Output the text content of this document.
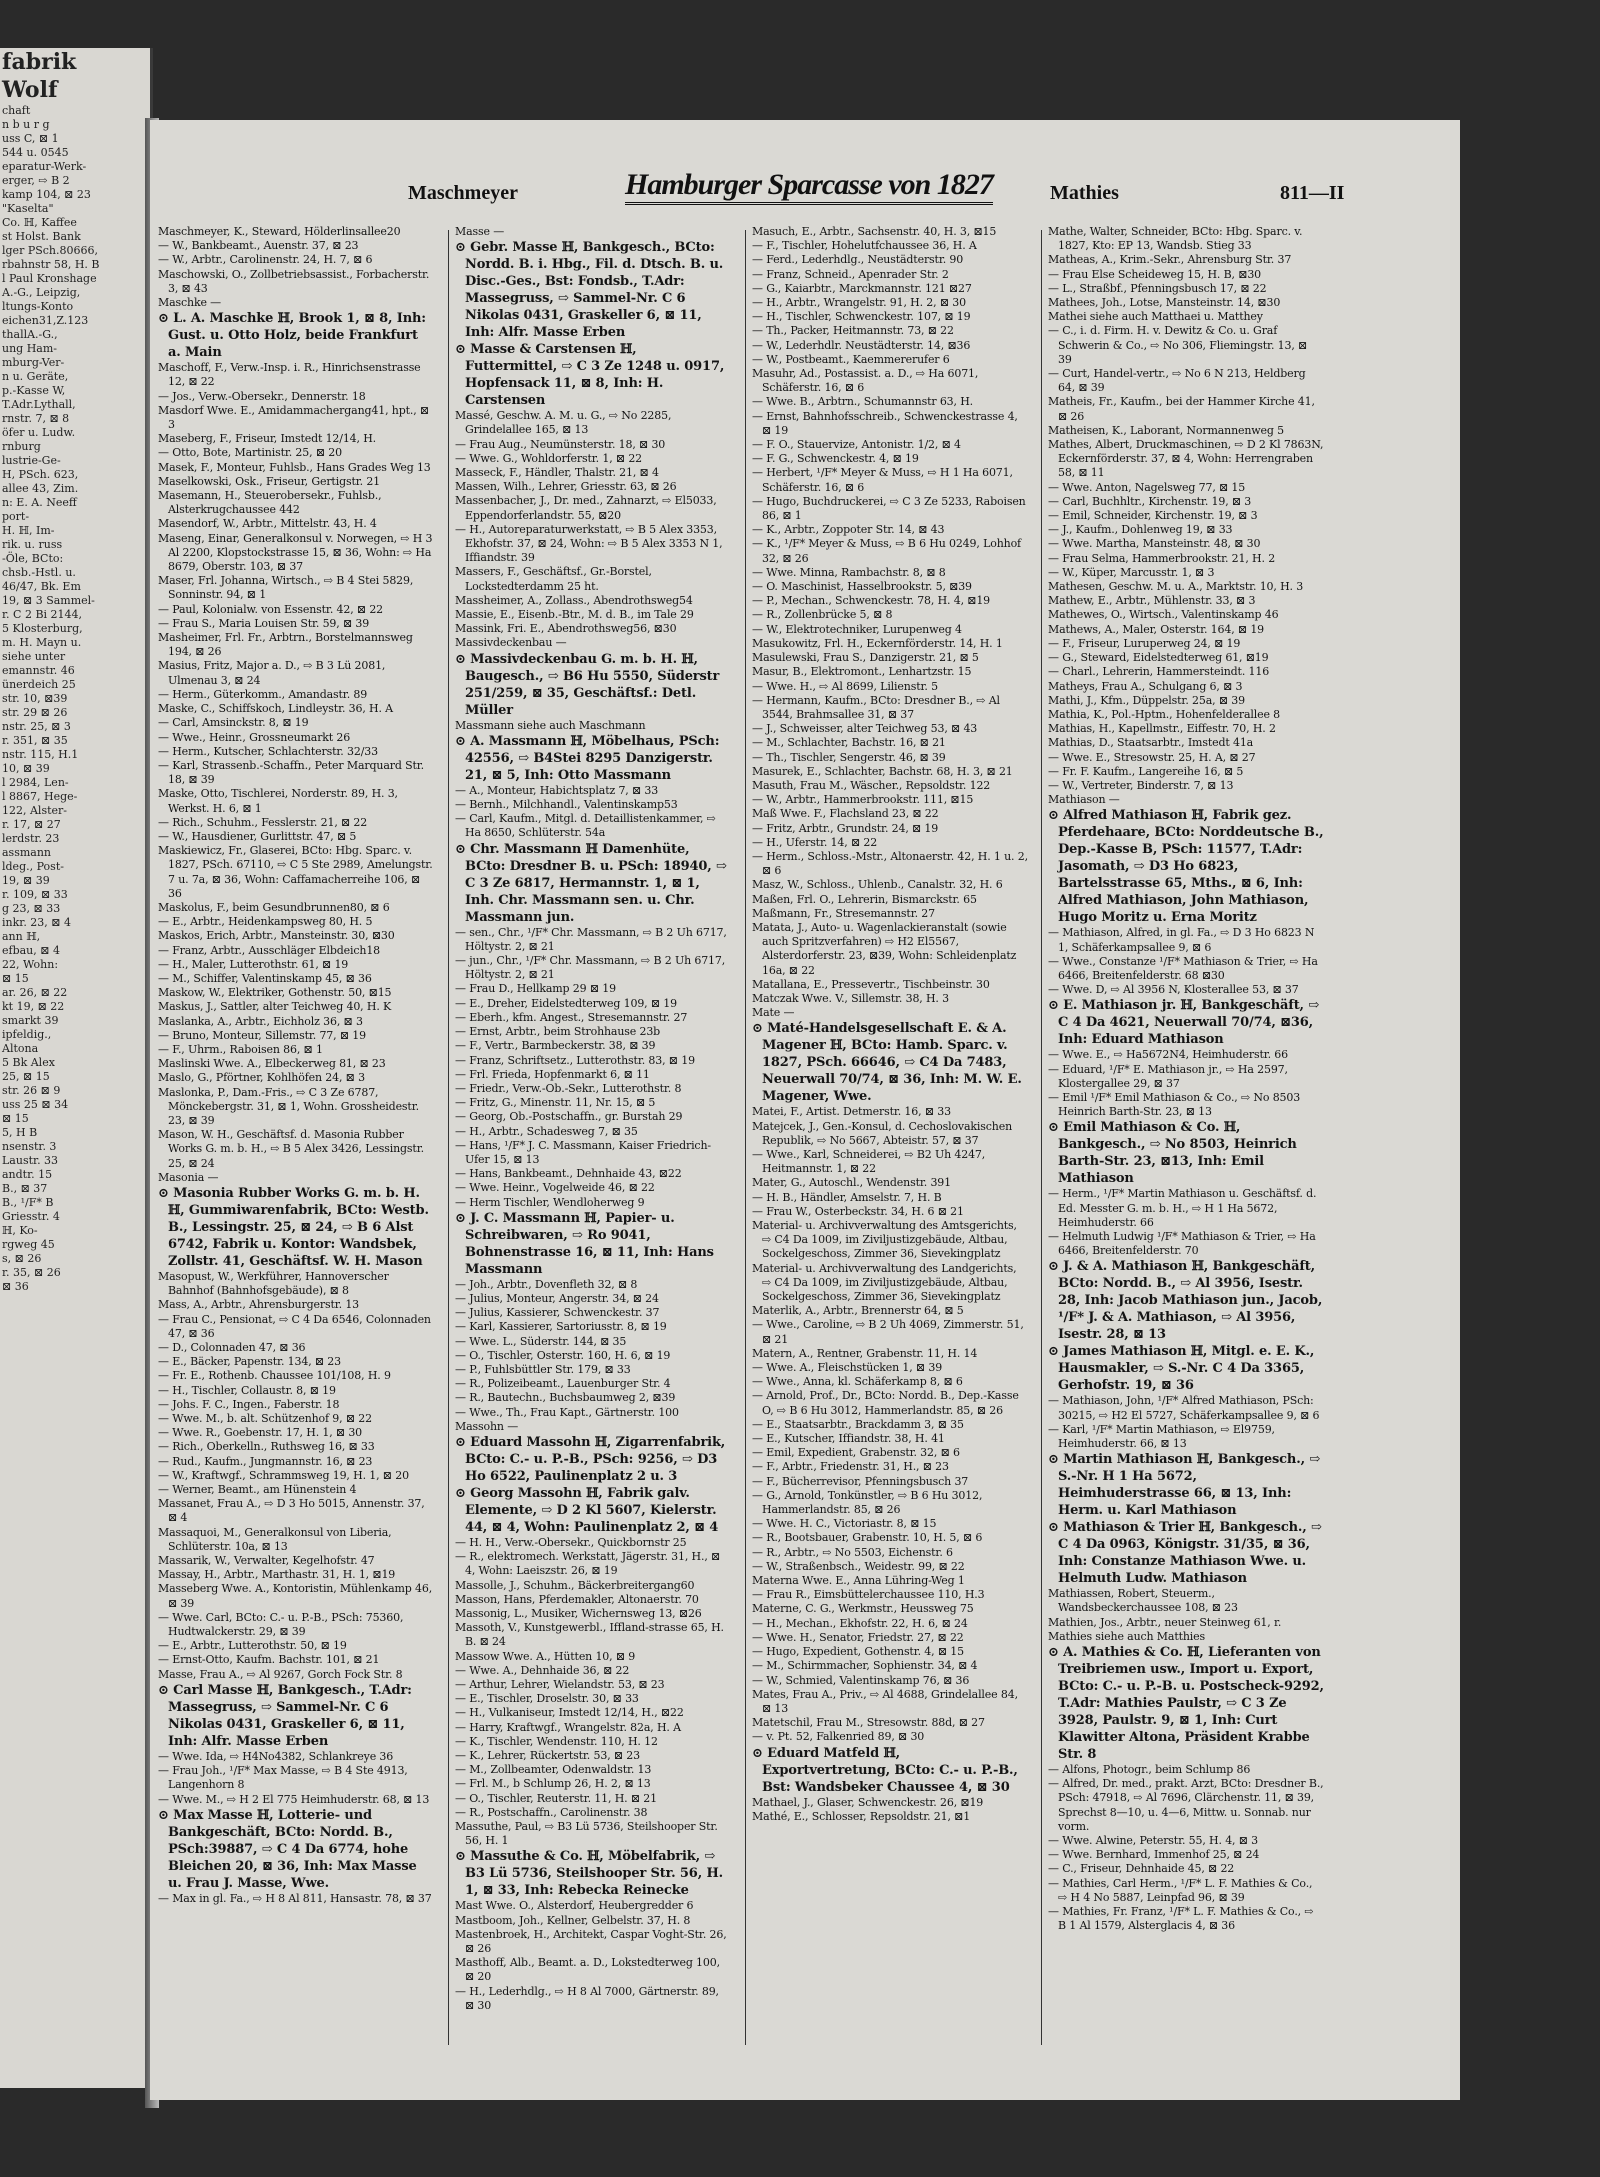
fabrik
Wolf
chaft
n b u r g
uss C, ⊠ 1
544 u. 0545
eparatur-Werk-
erger, ⇨ B 2
kamp 104, ⊠ 23
"Kaselta"
Co. ℍ, Kaffee
st Holst. Bank
lger PSch.80666,
rbahnstr 58, H. B
l Paul Kronshage
A.-G., Leipzig,
ltungs-Konto
eichen31,Z.123
thallA.-G.,
ung Ham-
mburg-Ver-
n u. Geräte,
p.-Kasse W,
T.Adr.Lythall,
rnstr. 7, ⊠ 8
öfer u. Ludw.
rnburg
lustrie-Ge-
H, PSch. 623,
allee 43, Zim.
n: E. A. Neeff
port-
H. ℍ, Im-
rik. u. russ
-Öle, BCto:
chsb.-Hstl. u.
46/47, Bk. Em
19, ⊠ 3 Sammel-
r. C 2 Bi 2144,
5 Klosterburg,
m. H. Mayn u.
siehe unter
emannstr. 46
ünerdeich 25
str. 10, ⊠39
str. 29 ⊠ 26
nstr. 25, ⊠ 3
r. 351, ⊠ 35
nstr. 115, H.1
10, ⊠ 39
l 2984, Len-
l 8867, Hege-
122, Alster-
r. 17, ⊠ 27
lerdstr. 23
assmann
ldeg., Post-
19, ⊠ 39
r. 109, ⊠ 33
g 23, ⊠ 33
inkr. 23, ⊠ 4
ann ℍ,
efbau, ⊠ 4
22, Wohn:
⊠ 15
ar. 26, ⊠ 22
kt 19, ⊠ 22
smarkt 39
ipfeldig.,
Altona
5 Bk Alex
25, ⊠ 15
str. 26 ⊠ 9
uss 25 ⊠ 34
⊠ 15
5, H B
nsenstr. 3
Laustr. 33
andtr. 15
B., ⊠ 37
B., ¹/F* B
Griesstr. 4
ℍ, Ko-
rgweg 45
s, ⊠ 26
r. 35, ⊠ 26
⊠ 36
Maschmeyer	Hamburger Sparcasse von 1827	Mathies	811—II

Maschmeyer, K., Steward, Hölderlinsallee20

— W., Bankbeamt., Auenstr. 37, ⊠ 23

— W., Arbtr., Carolinenstr. 24, H. 7, ⊠ 6

Maschowski, O., Zollbetriebsassist., Forbacherstr. 3, ⊠ 43

Maschke —

⊙ L. A. Maschke ℍ, Brook 1, ⊠ 8, Inh: Gust. u. Otto Holz, beide Frankfurt a. Main

Maschoff, F., Verw.-Insp. i. R., Hinrichsenstrasse 12, ⊠ 22

— Jos., Verw.-Obersekr., Dennerstr. 18

Masdorf Wwe. E., Amidammachergang41, hpt., ⊠ 3

Maseberg, F., Friseur, Imstedt 12/14, H.

— Otto, Bote, Martinistr. 25, ⊠ 20

Masek, F., Monteur, Fuhlsb., Hans Grades Weg 13

Maselkowski, Osk., Friseur, Gertigstr. 21

Masemann, H., Steuerobersekr., Fuhlsb., Alsterkrugchaussee 442

Masendorf, W., Arbtr., Mittelstr. 43, H. 4

Maseng, Einar, Generalkonsul v. Norwegen, ⇨ H 3 Al 2200, Klopstockstrasse 15, ⊠ 36, Wohn: ⇨ Ha 8679, Oberstr. 103, ⊠ 37

Maser, Frl. Johanna, Wirtsch., ⇨ B 4 Stei 5829, Sonninstr. 94, ⊠ 1

— Paul, Kolonialw. von Essenstr. 42, ⊠ 22

— Frau S., Maria Louisen Str. 59, ⊠ 39

Masheimer, Frl. Fr., Arbtrn., Borstelmannsweg 194, ⊠ 26

Masius, Fritz, Major a. D., ⇨ B 3 Lü 2081, Ulmenau 3, ⊠ 24

— Herm., Güterkomm., Amandastr. 89

Maske, C., Schiffskoch, Lindleystr. 36, H. A

— Carl, Amsinckstr. 8, ⊠ 19

— Wwe., Heinr., Grossneumarkt 26

— Herm., Kutscher, Schlachterstr. 32/33

— Karl, Strassenb.-Schaffn., Peter Marquard Str. 18, ⊠ 39

Maske, Otto, Tischlerei, Norderstr. 89, H. 3, Werkst. H. 6, ⊠ 1

— Rich., Schuhm., Fesslerstr. 21, ⊠ 22

— W., Hausdiener, Gurlittstr. 47, ⊠ 5

Maskiewicz, Fr., Glaserei, BCto: Hbg. Sparc. v. 1827, PSch. 67110, ⇨ C 5 Ste 2989, Amelungstr. 7 u. 7a, ⊠ 36, Wohn: Caffamacherreihe 106, ⊠ 36

Maskolus, F., beim Gesundbrunnen80, ⊠ 6

— E., Arbtr., Heidenkampsweg 80, H. 5

Maskos, Erich, Arbtr., Mansteinstr. 30, ⊠30

— Franz, Arbtr., Ausschläger Elbdeich18

— H., Maler, Lutterothstr. 61, ⊠ 19

— M., Schiffer, Valentinskamp 45, ⊠ 36

Maskow, W., Elektriker, Gothenstr. 50, ⊠15

Maskus, J., Sattler, alter Teichweg 40, H. K

Maslanka, A., Arbtr., Eichholz 36, ⊠ 3

— Bruno, Monteur, Sillemstr. 77, ⊠ 19

— F., Uhrm., Raboisen 86, ⊠ 1

Maslinski Wwe. A., Elbeckerweg 81, ⊠ 23

Maslo, G., Pförtner, Kohlhöfen 24, ⊠ 3

Maslonka, P., Dam.-Fris., ⇨ C 3 Ze 6787, Mönckebergstr. 31, ⊠ 1, Wohn. Grossheidestr. 23, ⊠ 39

Mason, W. H., Geschäftsf. d. Masonia Rubber Works G. m. b. H., ⇨ B 5 Alex 3426, Lessingstr. 25, ⊠ 24

Masonia —

⊙ Masonia Rubber Works G. m. b. H. ℍ, Gummiwarenfabrik, BCto: Westb. B., Lessingstr. 25, ⊠ 24, ⇨ B 6 Alst 6742, Fabrik u. Kontor: Wandsbek, Zollstr. 41, Geschäftsf. W. H. Mason

Masopust, W., Werkführer, Hannoverscher Bahnhof (Bahnhofsgebäude), ⊠ 8

Mass, A., Arbtr., Ahrensburgerstr. 13

— Frau C., Pensionat, ⇨ C 4 Da 6546, Colonnaden 47, ⊠ 36

— D., Colonnaden 47, ⊠ 36

— E., Bäcker, Papenstr. 134, ⊠ 23

— Fr. E., Rothenb. Chaussee 101/108, H. 9

— H., Tischler, Collaustr. 8, ⊠ 19

— Johs. F. C., Ingen., Faberstr. 18

— Wwe. M., b. alt. Schützenhof 9, ⊠ 22

— Wwe. R., Goebenstr. 17, H. 1, ⊠ 30

— Rich., Oberkelln., Ruthsweg 16, ⊠ 33

— Rud., Kaufm., Jungmannstr. 16, ⊠ 23

— W., Kraftwgf., Schrammsweg 19, H. 1, ⊠ 20

— Werner, Beamt., am Hünenstein 4

Massanet, Frau A., ⇨ D 3 Ho 5015, Annenstr. 37, ⊠ 4

Massaquoi, M., Generalkonsul von Liberia, Schlüterstr. 10a, ⊠ 13

Massarik, W., Verwalter, Kegelhofstr. 47

Massay, H., Arbtr., Marthastr. 31, H. 1, ⊠19

Masseberg Wwe. A., Kontoristin, Mühlenkamp 46, ⊠ 39

— Wwe. Carl, BCto: C.- u. P.-B., PSch: 75360, Hudtwalckerstr. 29, ⊠ 39

— E., Arbtr., Lutterothstr. 50, ⊠ 19

— Ernst-Otto, Kaufm. Bachstr. 101, ⊠ 21

Masse, Frau A., ⇨ Al 9267, Gorch Fock Str. 8

⊙ Carl Masse ℍ, Bankgesch., T.Adr: Massegruss, ⇨ Sammel-Nr. C 6 Nikolas 0431, Graskeller 6, ⊠ 11, Inh: Alfr. Masse Erben

— Wwe. Ida, ⇨ H4No4382, Schlankreye 36

— Frau Joh., ¹/F* Max Masse, ⇨ B 4 Ste 4913, Langenhorn 8

— Wwe. M., ⇨ H 2 El 775 Heimhuderstr. 68, ⊠ 13

⊙ Max Masse ℍ, Lotterie- und Bankgeschäft, BCto: Nordd. B., PSch:39887, ⇨ C 4 Da 6774, hohe Bleichen 20, ⊠ 36, Inh: Max Masse u. Frau J. Masse, Wwe.

— Max in gl. Fa., ⇨ H 8 Al 811, Hansastr. 78, ⊠ 37

Masse —

⊙ Gebr. Masse ℍ, Bankgesch., BCto: Nordd. B. i. Hbg., Fil. d. Dtsch. B. u. Disc.-Ges., Bst: Fondsb., T.Adr: Massegruss, ⇨ Sammel-Nr. C 6 Nikolas 0431, Graskeller 6, ⊠ 11, Inh: Alfr. Masse Erben

⊙ Masse & Carstensen ℍ, Futtermittel, ⇨ C 3 Ze 1248 u. 0917, Hopfensack 11, ⊠ 8, Inh: H. Carstensen

Massé, Geschw. A. M. u. G., ⇨ No 2285, Grindelallee 165, ⊠ 13

— Frau Aug., Neumünsterstr. 18, ⊠ 30

— Wwe. G., Wohldorferstr. 1, ⊠ 22

Masseck, F., Händler, Thalstr. 21, ⊠ 4

Massen, Wilh., Lehrer, Griesstr. 63, ⊠ 26

Massenbacher, J., Dr. med., Zahnarzt, ⇨ El5033, Eppendorferlandstr. 55, ⊠20

— H., Autoreparaturwerkstatt, ⇨ B 5 Alex 3353, Ekhofstr. 37, ⊠ 24, Wohn: ⇨ B 5 Alex 3353 N 1, Iffiandstr. 39

Massers, F., Geschäftsf., Gr.-Borstel, Lockstedterdamm 25 ht.

Massheimer, A., Zollass., Abendrothsweg54

Massie, E., Eisenb.-Btr., M. d. B., im Tale 29

Massink, Fri. E., Abendrothsweg56, ⊠30

Massivdeckenbau —

⊙ Massivdeckenbau G. m. b. H. ℍ, Baugesch., ⇨ B6 Hu 5550, Süderstr 251/259, ⊠ 35, Geschäftsf.: Detl. Müller

Massmann siehe auch Maschmann

⊙ A. Massmann ℍ, Möbelhaus, PSch: 42556, ⇨ B4Stei 8295 Danzigerstr. 21, ⊠ 5, Inh: Otto Massmann

— A., Monteur, Habichtsplatz 7, ⊠ 33

— Bernh., Milchhandl., Valentinskamp53

— Carl, Kaufm., Mitgl. d. Detaillistenkammer, ⇨ Ha 8650, Schlüterstr. 54a

⊙ Chr. Massmann ℍ Damenhüte, BCto: Dresdner B. u. PSch: 18940, ⇨ C 3 Ze 6817, Hermannstr. 1, ⊠ 1, Inh. Chr. Massmann sen. u. Chr. Massmann jun.

— sen., Chr., ¹/F* Chr. Massmann, ⇨ B 2 Uh 6717, Höltystr. 2, ⊠ 21

— jun., Chr., ¹/F* Chr. Massmann, ⇨ B 2 Uh 6717, Höltystr. 2, ⊠ 21

— Frau D., Hellkamp 29 ⊠ 19

— E., Dreher, Eidelstedterweg 109, ⊠ 19

— Eberh., kfm. Angest., Stresemannstr. 27

— Ernst, Arbtr., beim Strohhause 23b

— F., Vertr., Barmbeckerstr. 38, ⊠ 39

— Franz, Schriftsetz., Lutterothstr. 83, ⊠ 19

— Frl. Frieda, Hopfenmarkt 6, ⊠ 11

— Friedr., Verw.-Ob.-Sekr., Lutterothstr. 8

— Fritz, G., Minenstr. 11, Nr. 15, ⊠ 5

— Georg, Ob.-Postschaffn., gr. Burstah 29

— H., Arbtr., Schadesweg 7, ⊠ 35

— Hans, ¹/F* J. C. Massmann, Kaiser Friedrich-Ufer 15, ⊠ 13

— Hans, Bankbeamt., Dehnhaide 43, ⊠22

— Wwe. Heinr., Vogelweide 46, ⊠ 22

— Herm Tischler, Wendloherweg 9

⊙ J. C. Massmann ℍ, Papier- u. Schreibwaren, ⇨ Ro 9041, Bohnenstrasse 16, ⊠ 11, Inh: Hans Massmann

— Joh., Arbtr., Dovenfleth 32, ⊠ 8

— Julius, Monteur, Angerstr. 34, ⊠ 24

— Julius, Kassierer, Schwenckestr. 37

— Karl, Kassierer, Sartoriusstr. 8, ⊠ 19

— Wwe. L., Süderstr. 144, ⊠ 35

— O., Tischler, Osterstr. 160, H. 6, ⊠ 19

— P., Fuhlsbüttler Str. 179, ⊠ 33

— R., Polizeibeamt., Lauenburger Str. 4

— R., Bautechn., Buchsbaumweg 2, ⊠39

— Wwe., Th., Frau Kapt., Gärtnerstr. 100

Massohn —

⊙ Eduard Massohn ℍ, Zigarrenfabrik, BCto: C.- u. P.-B., PSch: 9256, ⇨ D3 Ho 6522, Paulinenplatz 2 u. 3

⊙ Georg Massohn ℍ, Fabrik galv. Elemente, ⇨ D 2 Kl 5607, Kielerstr. 44, ⊠ 4, Wohn: Paulinenplatz 2, ⊠ 4

— H. H., Verw.-Obersekr., Quickbornstr 25

— R., elektromech. Werkstatt, Jägerstr. 31, H., ⊠ 4, Wohn: Laeiszstr. 26, ⊠ 19

Massolle, J., Schuhm., Bäckerbreitergang60

Masson, Hans, Pferdemakler, Altonaerstr. 70

Massonig, L., Musiker, Wichernsweg 13, ⊠26

Massoth, V., Kunstgewerbl., Iffland-strasse 65, H. B. ⊠ 24

Massow Wwe. A., Hütten 10, ⊠ 9

— Wwe. A., Dehnhaide 36, ⊠ 22

— Arthur, Lehrer, Wielandstr. 53, ⊠ 23

— E., Tischler, Droselstr. 30, ⊠ 33

— H., Vulkaniseur, Imstedt 12/14, H., ⊠22

— Harry, Kraftwgf., Wrangelstr. 82a, H. A

— K., Tischler, Wendenstr. 110, H. 12

— K., Lehrer, Rückertstr. 53, ⊠ 23

— M., Zollbeamter, Odenwaldstr. 13

— Frl. M., b Schlump 26, H. 2, ⊠ 13

— O., Tischler, Reuterstr. 11, H. ⊠ 21

— R., Postschaffn., Carolinenstr. 38

Massuthe, Paul, ⇨ B3 Lü 5736, Steilshooper Str. 56, H. 1

⊙ Massuthe & Co. ℍ, Möbelfabrik, ⇨ B3 Lü 5736, Steilshooper Str. 56, H. 1, ⊠ 33, Inh: Rebecka Reinecke

Mast Wwe. O., Alsterdorf, Heubergredder 6

Mastboom, Joh., Kellner, Gelbelstr. 37, H. 8

Mastenbroek, H., Architekt, Caspar Voght-Str. 26, ⊠ 26

Masthoff, Alb., Beamt. a. D., Lokstedterweg 100, ⊠ 20

— H., Lederhdlg., ⇨ H 8 Al 7000, Gärtnerstr. 89, ⊠ 30

Masuch, E., Arbtr., Sachsenstr. 40, H. 3, ⊠15

— F., Tischler, Hohelutfchaussee 36, H. A

— Ferd., Lederhdlg., Neustädterstr. 90

— Franz, Schneid., Apenrader Str. 2

— G., Kaiarbtr., Marckmannstr. 121 ⊠27

— H., Arbtr., Wrangelstr. 91, H. 2, ⊠ 30

— H., Tischler, Schwenckestr. 107, ⊠ 19

— Th., Packer, Heitmannstr. 73, ⊠ 22

— W., Lederhdlr. Neustädterstr. 14, ⊠36

— W., Postbeamt., Kaemmererufer 6

Masuhr, Ad., Postassist. a. D., ⇨ Ha 6071, Schäferstr. 16, ⊠ 6

— Wwe. B., Arbtrn., Schumannstr 63, H.

— Ernst, Bahnhofsschreib., Schwenckestrasse 4, ⊠ 19

— F. O., Stauervize, Antonistr. 1/2, ⊠ 4

— F. G., Schwenckestr. 4, ⊠ 19

— Herbert, ¹/F* Meyer & Muss, ⇨ H 1 Ha 6071, Schäferstr. 16, ⊠ 6

— Hugo, Buchdruckerei, ⇨ C 3 Ze 5233, Raboisen 86, ⊠ 1

— K., Arbtr., Zoppoter Str. 14, ⊠ 43

— K., ¹/F* Meyer & Muss, ⇨ B 6 Hu 0249, Lohhof 32, ⊠ 26

— Wwe. Minna, Rambachstr. 8, ⊠ 8

— O. Maschinist, Hasselbrookstr. 5, ⊠39

— P., Mechan., Schwenckestr. 78, H. 4, ⊠19

— R., Zollenbrücke 5, ⊠ 8

— W., Elektrotechniker, Lurupenweg 4

Masukowitz, Frl. H., Eckernförderstr. 14, H. 1

Masulewski, Frau S., Danzigerstr. 21, ⊠ 5

Masur, B., Elektromont., Lenhartzstr. 15

— Wwe. H., ⇨ Al 8699, Lilienstr. 5

— Hermann, Kaufm., BCto: Dresdner B., ⇨ Al 3544, Brahmsallee 31, ⊠ 37

— J., Schweisser, alter Teichweg 53, ⊠ 43

— M., Schlachter, Bachstr. 16, ⊠ 21

— Th., Tischler, Sengerstr. 46, ⊠ 39

Masurek, E., Schlachter, Bachstr. 68, H. 3, ⊠ 21

Masuth, Frau M., Wäscher., Repsoldstr. 122

— W., Arbtr., Hammerbrookstr. 111, ⊠15

Maß Wwe. F., Flachsland 23, ⊠ 22

— Fritz, Arbtr., Grundstr. 24, ⊠ 19

— H., Uferstr. 14, ⊠ 22

— Herm., Schloss.-Mstr., Altonaerstr. 42, H. 1 u. 2, ⊠ 6

Masz, W., Schloss., Uhlenb., Canalstr. 32, H. 6

Maßen, Frl. O., Lehrerin, Bismarckstr. 65

Maßmann, Fr., Stresemannstr. 27

Matata, J., Auto- u. Wagenlackieranstalt (sowie auch Spritzverfahren) ⇨ H2 El5567, Alsterdorferstr. 23, ⊠39, Wohn: Schleidenplatz 16a, ⊠ 22

Matallana, E., Pressevertr., Tischbeinstr. 30

Matczak Wwe. V., Sillemstr. 38, H. 3

Mate —

⊙ Maté-Handelsgesellschaft E. & A. Magener ℍ, BCto: Hamb. Sparc. v. 1827, PSch. 66646, ⇨ C4 Da 7483, Neuerwall 70/74, ⊠ 36, Inh: M. W. E. Magener, Wwe.

Matei, F., Artist. Detmerstr. 16, ⊠ 33

Matejcek, J., Gen.-Konsul, d. Cechoslovakischen Republik, ⇨ No 5667, Abteistr. 57, ⊠ 37

— Wwe., Karl, Schneiderei, ⇨ B2 Uh 4247, Heitmannstr. 1, ⊠ 22

Mater, G., Autoschl., Wendenstr. 391

— H. B., Händler, Amselstr. 7, H. B

— Frau W., Osterbeckstr. 34, H. 6 ⊠ 21

Material- u. Archivverwaltung des Amtsgerichts, ⇨ C4 Da 1009, im Ziviljustizgebäude, Altbau, Sockelgeschoss, Zimmer 36, Sievekingplatz

Material- u. Archivverwaltung des Landgerichts, ⇨ C4 Da 1009, im Ziviljustizgebäude, Altbau, Sockelgeschoss, Zimmer 36, Sievekingplatz

Materlik, A., Arbtr., Brennerstr 64, ⊠ 5

— Wwe., Caroline, ⇨ B 2 Uh 4069, Zimmerstr. 51, ⊠ 21

Matern, A., Rentner, Grabenstr. 11, H. 14

— Wwe. A., Fleischstücken 1, ⊠ 39

— Wwe., Anna, kl. Schäferkamp 8, ⊠ 6

— Arnold, Prof., Dr., BCto: Nordd. B., Dep.-Kasse O, ⇨ B 6 Hu 3012, Hammerlandstr. 85, ⊠ 26

— E., Staatsarbtr., Brackdamm 3, ⊠ 35

— E., Kutscher, Iffiandstr. 38, H. 41

— Emil, Expedient, Grabenstr. 32, ⊠ 6

— F., Arbtr., Friedenstr. 31, H., ⊠ 23

— F., Bücherrevisor, Pfenningsbusch 37

— G., Arnold, Tonkünstler, ⇨ B 6 Hu 3012, Hammerlandstr. 85, ⊠ 26

— Wwe. H. C., Victoriastr. 8, ⊠ 15

— R., Bootsbauer, Grabenstr. 10, H. 5, ⊠ 6

— R., Arbtr., ⇨ No 5503, Eichenstr. 6

— W., Straßenbsch., Weidestr. 99, ⊠ 22

Materna Wwe. E., Anna Lühring-Weg 1

— Frau R., Eimsbüttelerchaussee 110, H.3

Materne, C. G., Werkmstr., Heussweg 75

— H., Mechan., Ekhofstr. 22, H. 6, ⊠ 24

— Wwe. H., Senator, Friedstr. 27, ⊠ 22

— Hugo, Expedient, Gothenstr. 4, ⊠ 15

— M., Schirmmacher, Sophienstr. 34, ⊠ 4

— W., Schmied, Valentinskamp 76, ⊠ 36

Mates, Frau A., Priv., ⇨ Al 4688, Grindelallee 84, ⊠ 13

Matetschil, Frau M., Stresowstr. 88d, ⊠ 27

— v. Pt. 52, Falkenried 89, ⊠ 30

⊙ Eduard Matfeld ℍ, Exportvertretung, BCto: C.- u. P.-B., Bst: Wandsbeker Chaussee 4, ⊠ 30

Mathael, J., Glaser, Schwenckestr. 26, ⊠19

Mathé, E., Schlosser, Repsoldstr. 21, ⊠1

Mathe, Walter, Schneider, BCto: Hbg. Sparc. v. 1827, Kto: EP 13, Wandsb. Stieg 33

Matheas, A., Krim.-Sekr., Ahrensburg Str. 37

— Frau Else Scheideweg 15, H. B, ⊠30

— L., Straßbf., Pfenningsbusch 17, ⊠ 22

Mathees, Joh., Lotse, Mansteinstr. 14, ⊠30

Mathei siehe auch Matthaei u. Matthey

— C., i. d. Firm. H. v. Dewitz & Co. u. Graf Schwerin & Co., ⇨ No 306, Fliemingstr. 13, ⊠ 39

— Curt, Handel-vertr., ⇨ No 6 N 213, Heldberg 64, ⊠ 39

Matheis, Fr., Kaufm., bei der Hammer Kirche 41, ⊠ 26

Matheisen, K., Laborant, Normannenweg 5

Mathes, Albert, Druckmaschinen, ⇨ D 2 Kl 7863N, Eckernförderstr. 37, ⊠ 4, Wohn: Herrengraben 58, ⊠ 11

— Wwe. Anton, Nagelsweg 77, ⊠ 15

— Carl, Buchhltr., Kirchenstr. 19, ⊠ 3

— Emil, Schneider, Kirchenstr. 19, ⊠ 3

— J., Kaufm., Dohlenweg 19, ⊠ 33

— Wwe. Martha, Mansteinstr. 48, ⊠ 30

— Frau Selma, Hammerbrookstr. 21, H. 2

— W., Küper, Marcusstr. 1, ⊠ 3

Mathesen, Geschw. M. u. A., Marktstr. 10, H. 3

Mathew, E., Arbtr., Mühlenstr. 33, ⊠ 3

Mathewes, O., Wirtsch., Valentinskamp 46

Mathews, A., Maler, Osterstr. 164, ⊠ 19

— F., Friseur, Luruperweg 24, ⊠ 19

— G., Steward, Eidelstedterweg 61, ⊠19

— Charl., Lehrerin, Hammersteindt. 116

Matheys, Frau A., Schulgang 6, ⊠ 3

Mathi, J., Kfm., Düppelstr. 25a, ⊠ 39

Mathia, K., Pol.-Hptm., Hohenfelderallee 8

Mathias, H., Kapellmstr., Eiffestr. 70, H. 2

Mathias, D., Staatsarbtr., Imstedt 41a

— Wwe. E., Stresowstr. 25, H. A, ⊠ 27

— Fr. F. Kaufm., Langereihe 16, ⊠ 5

— W., Vertreter, Binderstr. 7, ⊠ 13

Mathiason —

⊙ Alfred Mathiason ℍ, Fabrik gez. Pferdehaare, BCto: Norddeutsche B., Dep.-Kasse B, PSch: 11577, T.Adr: Jasomath, ⇨ D3 Ho 6823, Bartelsstrasse 65, Mths., ⊠ 6, Inh: Alfred Mathiason, John Mathiason, Hugo Moritz u. Erna Moritz

— Mathiason, Alfred, in gl. Fa., ⇨ D 3 Ho 6823 N 1, Schäferkampsallee 9, ⊠ 6

— Wwe., Constanze ¹/F* Mathiason & Trier, ⇨ Ha 6466, Breitenfelderstr. 68 ⊠30

— Wwe. D, ⇨ Al 3956 N, Klosterallee 53, ⊠ 37

⊙ E. Mathiason jr. ℍ, Bankgeschäft, ⇨ C 4 Da 4621, Neuerwall 70/74, ⊠36, Inh: Eduard Mathiason

— Wwe. E., ⇨ Ha5672N4, Heimhuderstr. 66

— Eduard, ¹/F* E. Mathiason jr., ⇨ Ha 2597, Klostergallee 29, ⊠ 37

— Emil ¹/F* Emil Mathiason & Co., ⇨ No 8503 Heinrich Barth-Str. 23, ⊠ 13

⊙ Emil Mathiason & Co. ℍ, Bankgesch., ⇨ No 8503, Heinrich Barth-Str. 23, ⊠13, Inh: Emil Mathiason

— Herm., ¹/F* Martin Mathiason u. Geschäftsf. d. Ed. Messter G. m. b. H., ⇨ H 1 Ha 5672, Heimhuderstr. 66

— Helmuth Ludwig ¹/F* Mathiason & Trier, ⇨ Ha 6466, Breitenfelderstr. 70

⊙ J. & A. Mathiason ℍ, Bankgeschäft, BCto: Nordd. B., ⇨ Al 3956, Isestr. 28, Inh: Jacob Mathiason jun., Jacob, ¹/F* J. & A. Mathiason, ⇨ Al 3956, Isestr. 28, ⊠ 13

⊙ James Mathiason ℍ, Mitgl. e. E. K., Hausmakler, ⇨ S.-Nr. C 4 Da 3365, Gerhofstr. 19, ⊠ 36

— Mathiason, John, ¹/F* Alfred Mathiason, PSch: 30215, ⇨ H2 El 5727, Schäferkampsallee 9, ⊠ 6

— Karl, ¹/F* Martin Mathiason, ⇨ El9759, Heimhuderstr. 66, ⊠ 13

⊙ Martin Mathiason ℍ, Bankgesch., ⇨ S.-Nr. H 1 Ha 5672, Heimhuderstrasse 66, ⊠ 13, Inh: Herm. u. Karl Mathiason

⊙ Mathiason & Trier ℍ, Bankgesch., ⇨ C 4 Da 0963, Königstr. 31/35, ⊠ 36, Inh: Constanze Mathiason Wwe. u. Helmuth Ludw. Mathiason

Mathiassen, Robert, Steuerm., Wandsbeckerchaussee 108, ⊠ 23

Mathien, Jos., Arbtr., neuer Steinweg 61, r.

Mathies siehe auch Matthies

⊙ A. Mathies & Co. ℍ, Lieferanten von Treibriemen usw., Import u. Export, BCto: C.- u. P.-B. u. Postscheck-9292, T.Adr: Mathies Paulstr, ⇨ C 3 Ze 3928, Paulstr. 9, ⊠ 1, Inh: Curt Klawitter Altona, Präsident Krabbe Str. 8

— Alfons, Photogr., beim Schlump 86

— Alfred, Dr. med., prakt. Arzt, BCto: Dresdner B., PSch: 47918, ⇨ Al 7696, Clärchenstr. 11, ⊠ 39, Sprechst 8—10, u. 4—6, Mittw. u. Sonnab. nur vorm.

— Wwe. Alwine, Peterstr. 55, H. 4, ⊠ 3

— Wwe. Bernhard, Immenhof 25, ⊠ 24

— C., Friseur, Dehnhaide 45, ⊠ 22

— Mathies, Carl Herm., ¹/F* L. F. Mathies & Co., ⇨ H 4 No 5887, Leinpfad 96, ⊠ 39

— Mathies, Fr. Franz, ¹/F* L. F. Mathies & Co., ⇨ B 1 Al 1579, Alsterglacis 4, ⊠ 36
